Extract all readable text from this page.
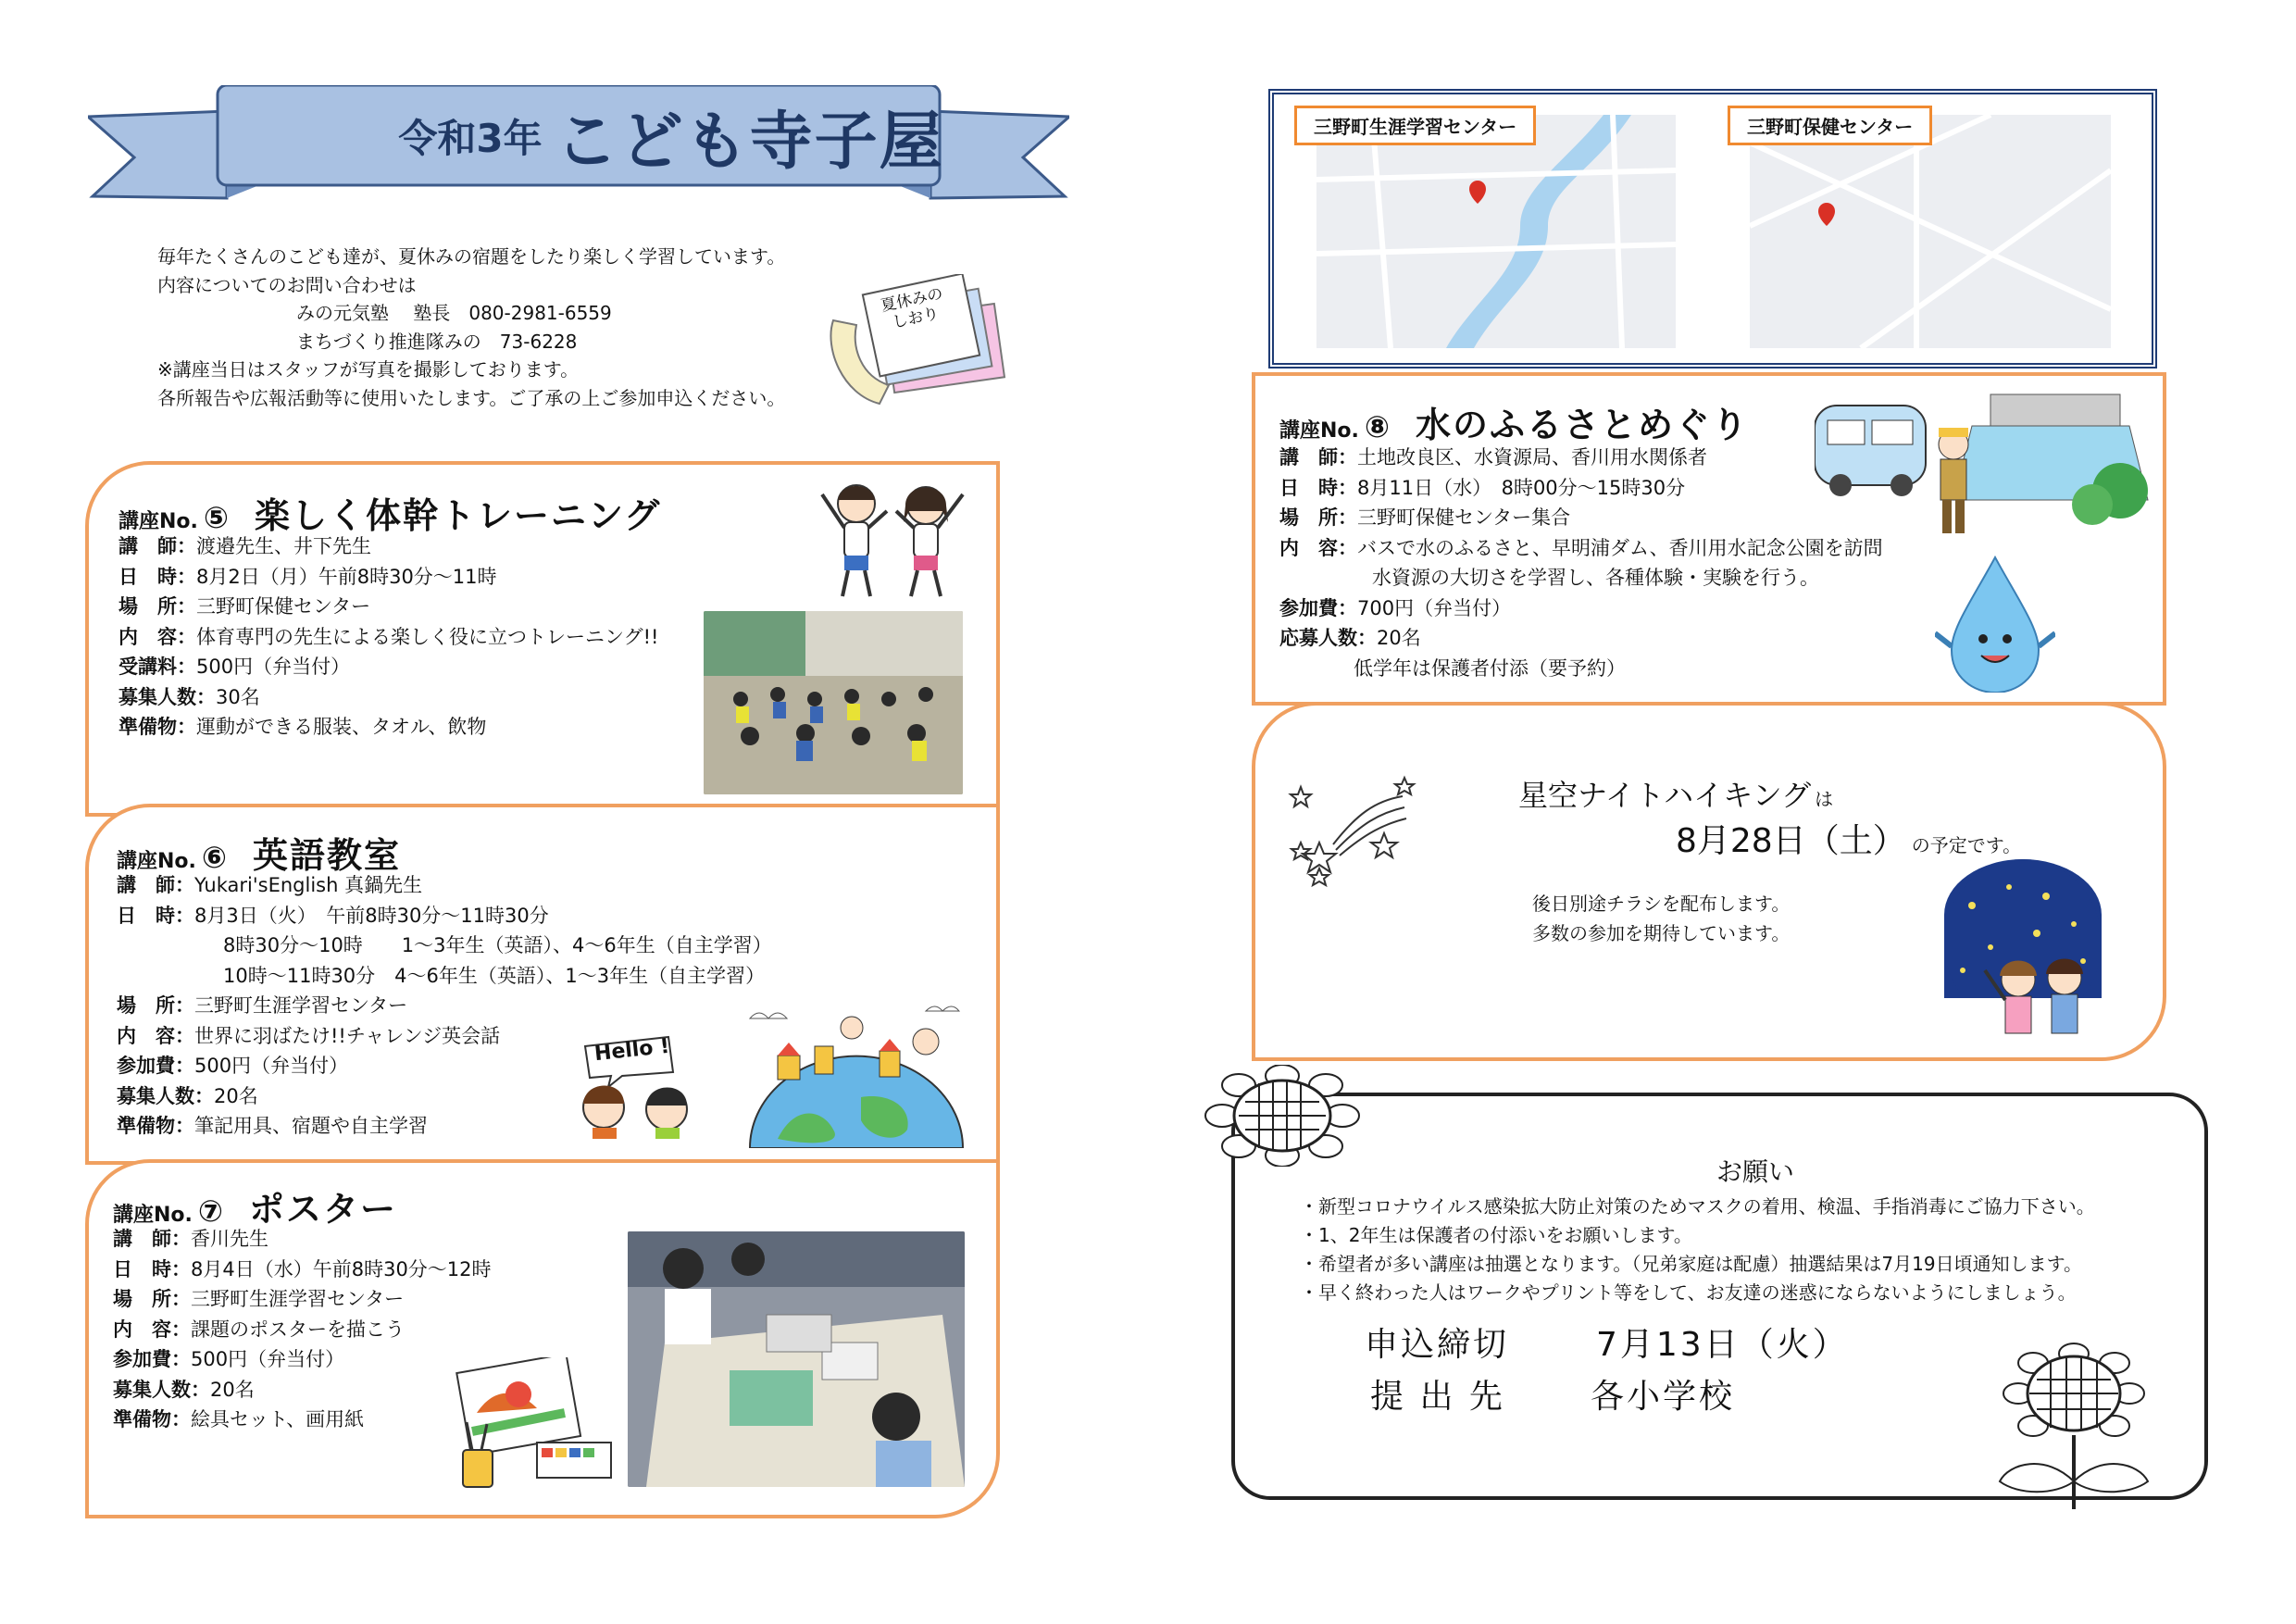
令和3年 こども寺子屋
毎年たくさんのこども達が、夏休みの宿題をしたり楽しく学習しています。
内容についてのお問い合わせは
みの元気塾　 塾長　080-2981-6559
まちづくり推進隊みの　73-6228
※講座当日はスタッフが写真を撮影しております。
各所報告や広報活動等に使用いたします。ご了承の上ご参加申込ください。
夏休みのしおり
講座No. ⑤ 楽しく体幹トレーニング
講　師： 渡邉先生、井下先生
日　時： 8月2日（月）午前8時30分～11時
場　所： 三野町保健センター
内　容： 体育専門の先生による楽しく役に立つトレーニング!!
受講料： 500円（弁当付）
募集人数： 30名
準備物： 運動ができる服装、タオル、飲物
講座No. ⑥ 英語教室
講　師： Yukari'sEnglish 真鍋先生
日　時： 8月3日（火）　午前8時30分～11時30分
8時30分～10時　　1～3年生（英語）、4～6年生（自主学習）
10時～11時30分　4～6年生（英語）、1～3年生（自主学習）
場　所： 三野町生涯学習センター
内　容： 世界に羽ばたけ!!チャレンジ英会話
参加費： 500円（弁当付）
募集人数： 20名
準備物： 筆記用具、宿題や自主学習
Hello !
講座No. ⑦ ポスター
講　師： 香川先生
日　時： 8月4日（水）午前8時30分～12時
場　所： 三野町生涯学習センター
内　容： 課題のポスターを描こう
参加費： 500円（弁当付）
募集人数： 20名
準備物： 絵具セット、画用紙
三野町生涯学習センター	三野町保健センター
講座No. ⑧ 水のふるさとめぐり
講　師： 土地改良区、水資源局、香川用水関係者
日　時： 8月11日（水）　8時00分～15時30分
場　所： 三野町保健センター集合
内　容： バスで水のふるさと、早明浦ダム、香川用水記念公園を訪問
水資源の大切さを学習し、各種体験・実験を行う。
参加費： 700円（弁当付）
応募人数： 20名
低学年は保護者付添（要予約）
星空ナイトハイキング は
8月28日（土） の予定です。
後日別途チラシを配布します。
多数の参加を期待しています。
お願い
・新型コロナウイルス感染拡大防止対策のためマスクの着用、検温、手指消毒にご協力下さい。
・1、2年生は保護者の付添いをお願いします。
・希望者が多い講座は抽選となります。（兄弟家庭は配慮）抽選結果は7月19日頃通知します。
・早く終わった人はワークやプリント等をして、お友達の迷惑にならないようにしましょう。
申込締切	7月13日（火）
提 出 先	各小学校
